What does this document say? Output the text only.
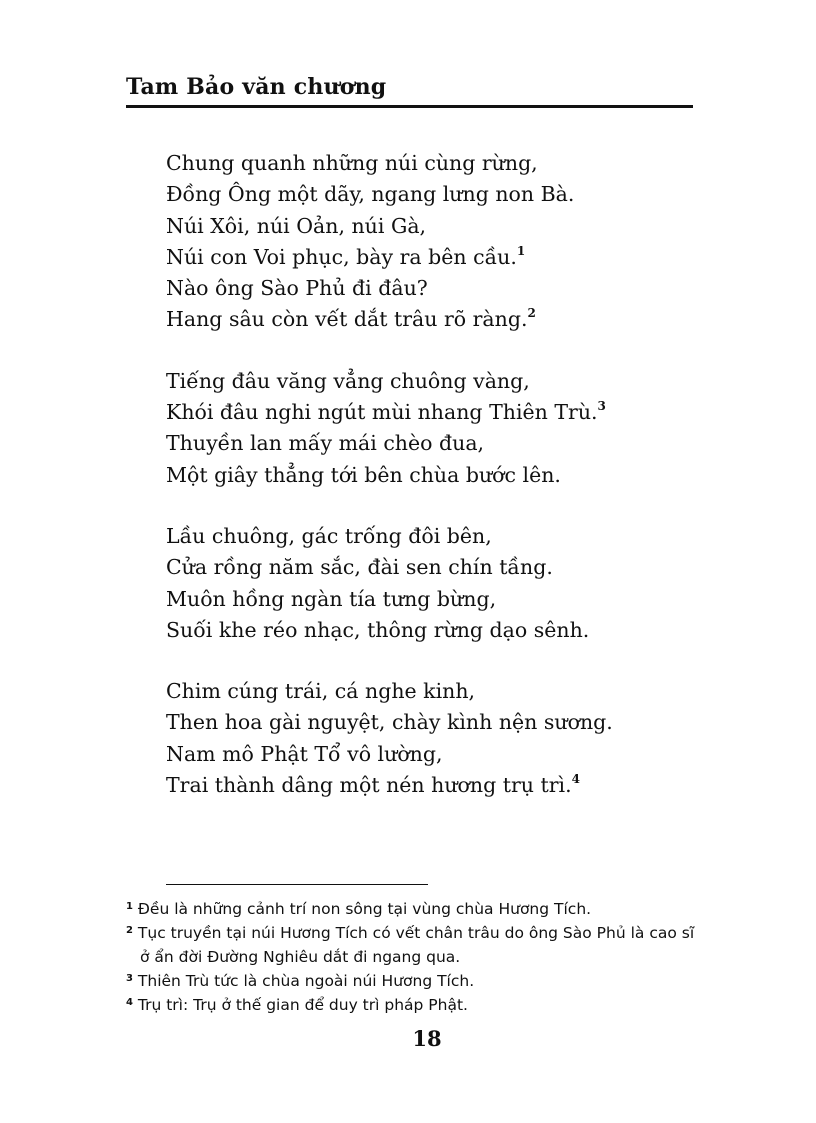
Tam Bảo văn chương
Chung quanh những núi cùng rừng,
Đồng Ông một dãy, ngang lưng non Bà.
Núi Xôi, núi Oản, núi Gà,
Núi con Voi phục, bày ra bên cầu.$^1$
Nào ông Sào Phủ đi đâu?
Hang sâu còn vết dắt trâu rõ ràng.$^2$
Tiếng đâu văng vẳng chuông vàng,
Khói đâu nghi ngút mùi nhang Thiên Trù.$^3$
Thuyền lan mấy mái chèo đua,
Một giây thẳng tới bên chùa bước lên.
Lầu chuông, gác trống đôi bên,
Cửa rồng năm sắc, đài sen chín tầng.
Muôn hồng ngàn tía tưng bừng,
Suối khe réo nhạc, thông rừng dạo sênh.
Chim cúng trái, cá nghe kinh,
Then hoa gài nguyệt, chày kình nện sương.
Nam mô Phật Tổ vô lường,
Trai thành dâng một nén hương trụ trì.$^4$
$^1$ Đều là những cảnh trí non sông tại vùng chùa Hương Tích.
$^2$ Tục truyền tại núi Hương Tích có vết chân trâu do ông Sào Phủ là cao sĩ ở ẩn đời Đường Nghiêu dắt đi ngang qua.
$^3$ Thiên Trù tức là chùa ngoài núi Hương Tích.
$^4$ Trụ trì: Trụ ở thế gian để duy trì pháp Phật.
18
